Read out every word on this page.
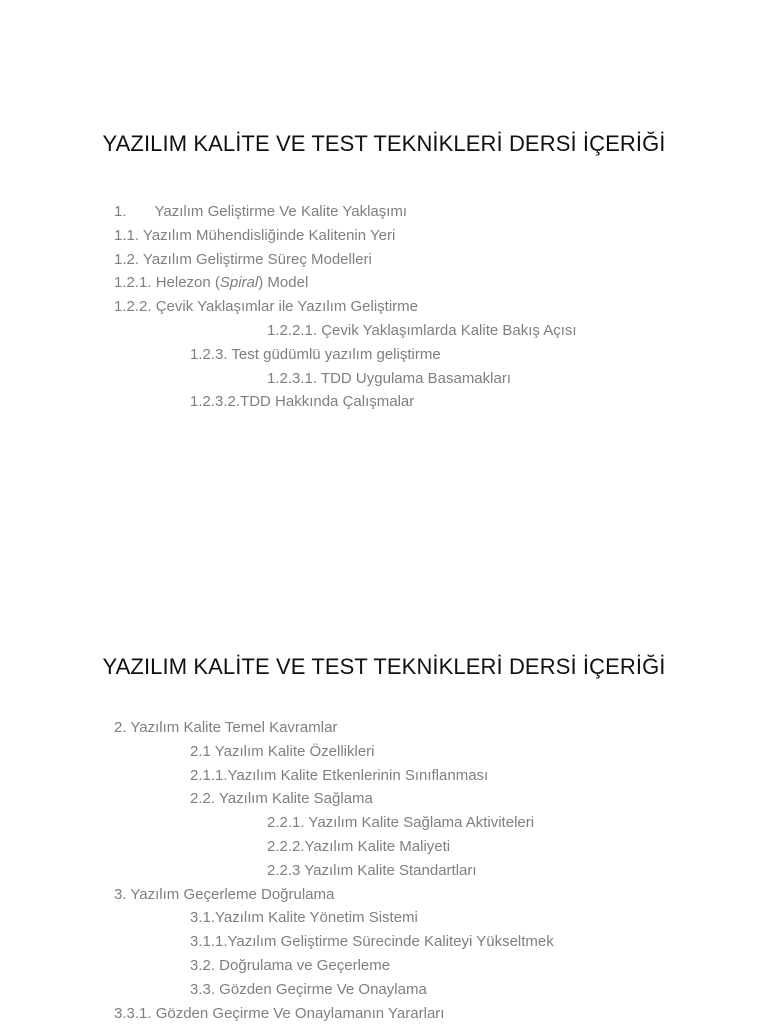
YAZILIM KALİTE VE TEST TEKNİKLERİ DERSİ İÇERİĞİ
1. Yazılım Geliştirme Ve Kalite Yaklaşımı
1.1. Yazılım Mühendisliğinde Kalitenin Yeri
1.2. Yazılım Geliştirme Süreç Modelleri
1.2.1. Helezon (Spiral) Model
1.2.2. Çevik Yaklaşımlar ile Yazılım Geliştirme
1.2.2.1. Çevik Yaklaşımlarda Kalite Bakış Açısı
1.2.3. Test güdümlü yazılım geliştirme
1.2.3.1. TDD Uygulama Basamakları
1.2.3.2.TDD Hakkında Çalışmalar
YAZILIM KALİTE VE TEST TEKNİKLERİ DERSİ İÇERİĞİ
2. Yazılım Kalite Temel Kavramlar
2.1 Yazılım Kalite Özellikleri
2.1.1.Yazılım Kalite Etkenlerinin Sınıflanması
2.2. Yazılım Kalite Sağlama
2.2.1. Yazılım Kalite Sağlama Aktiviteleri
2.2.2.Yazılım Kalite Maliyeti
2.2.3 Yazılım Kalite Standartları
3. Yazılım Geçerleme Doğrulama
3.1.Yazılım Kalite Yönetim Sistemi
3.1.1.Yazılım Geliştirme Sürecinde Kaliteyi Yükseltmek
3.2. Doğrulama ve Geçerleme
3.3. Gözden Geçirme Ve Onaylama
3.3.1. Gözden Geçirme Ve Onaylamanın Yararları
